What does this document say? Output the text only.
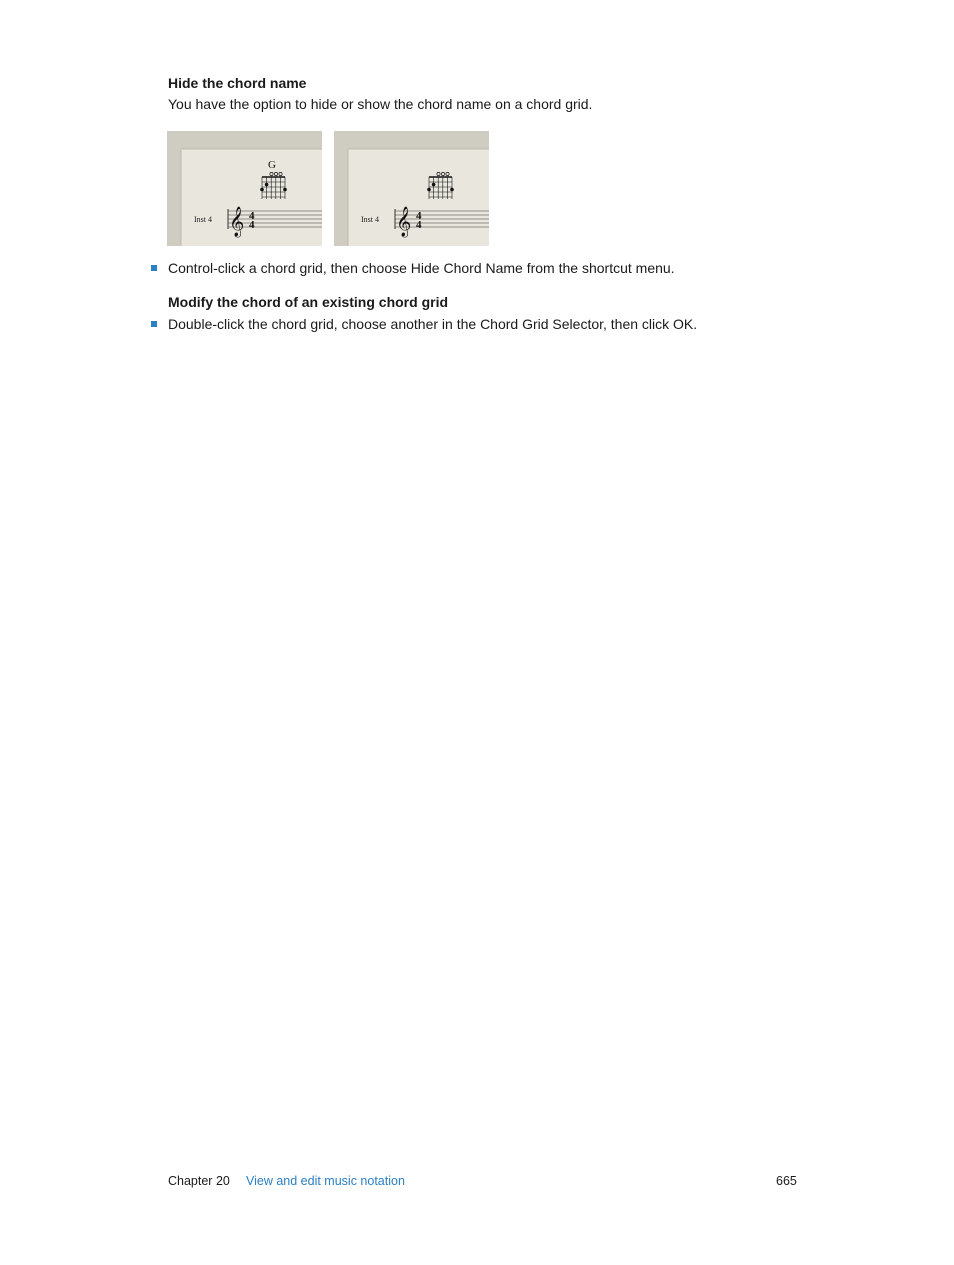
Hide the chord name
You have the option to hide or show the chord name on a chord grid.
G
Inst 4 𝄞 4
4	Inst 4 𝄞 4
4
Control-click a chord grid, then choose Hide Chord Name from the shortcut menu.
Modify the chord of an existing chord grid
Double-click the chord grid, choose another in the Chord Grid Selector, then click OK.
Chapter 20 View and edit music notation	665
